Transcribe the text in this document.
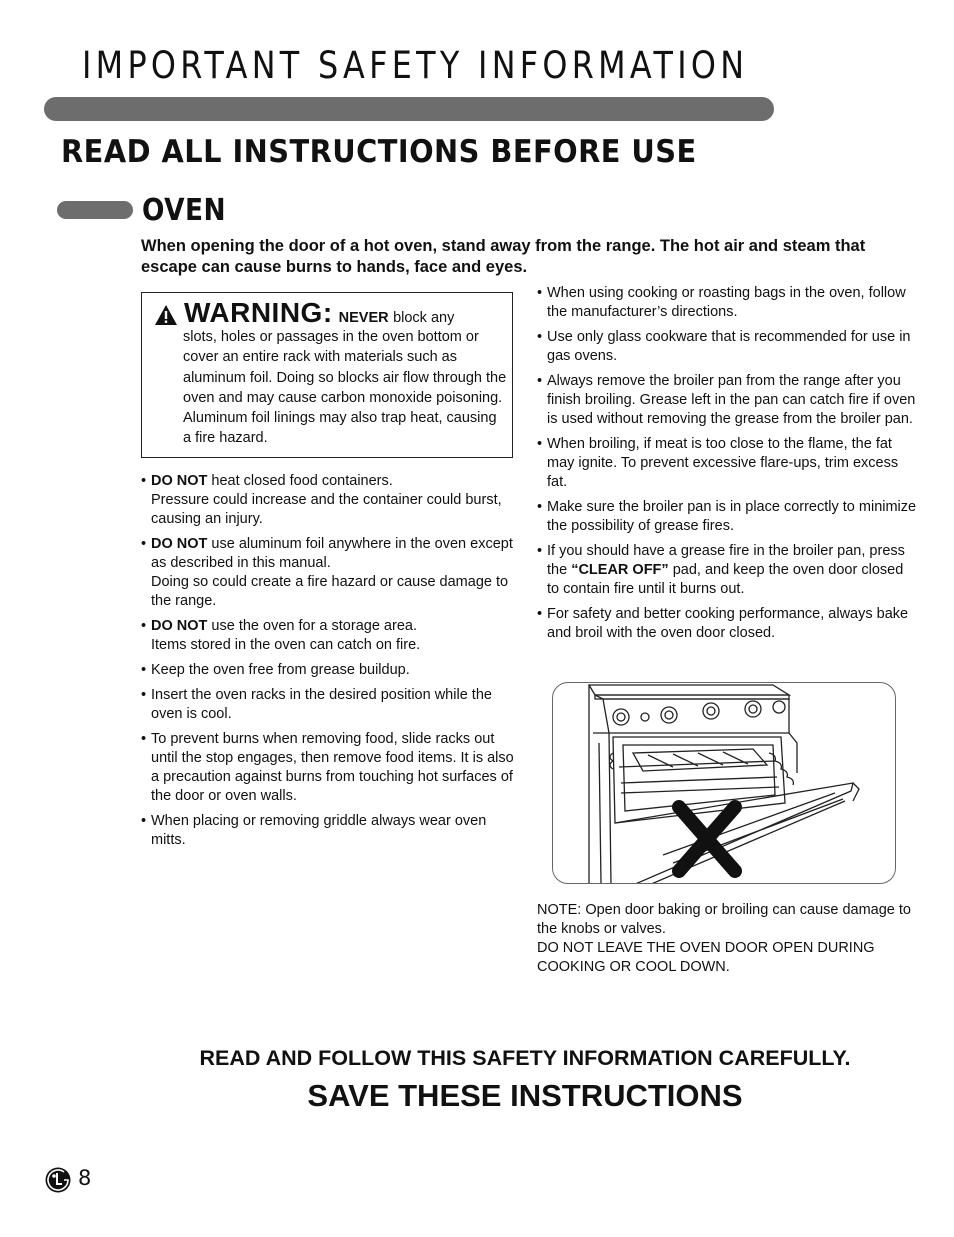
IMPORTANT SAFETY INFORMATION
READ ALL INSTRUCTIONS BEFORE USE
OVEN
When opening the door of a hot oven, stand away from the range. The hot air and steam that escape can cause burns to hands, face and eyes.
WARNING: NEVER block any
slots, holes or passages in the oven bottom or cover an entire rack with materials such as aluminum foil. Doing so blocks air flow through the oven and may cause carbon monoxide poisoning. Aluminum foil linings may also trap heat, causing a fire hazard.
• DO NOT heat closed food containers.
Pressure could increase and the container could burst, causing an injury.
• DO NOT use aluminum foil anywhere in the oven except as described in this manual.
Doing so could create a fire hazard or cause damage to the range.
• DO NOT use the oven for a storage area.
Items stored in the oven can catch on fire.
• Keep the oven free from grease buildup.
• Insert the oven racks in the desired position while the oven is cool.
• To prevent burns when removing food, slide racks out until the stop engages, then remove food items. It is also a precaution against burns from touching hot surfaces of the door or oven walls.
• When placing or removing griddle always wear oven mitts.
• When using cooking or roasting bags in the oven, follow the manufacturer’s directions.
• Use only glass cookware that is recommended for use in gas ovens.
• Always remove the broiler pan from the range after you finish broiling. Grease left in the pan can catch fire if oven is used without removing the grease from the broiler pan.
• When broiling, if meat is too close to the flame, the fat may ignite. To prevent excessive flare-ups, trim excess fat.
• Make sure the broiler pan is in place correctly to minimize the possibility of grease fires.
• If you should have a grease fire in the broiler pan, press the “CLEAR OFF” pad, and keep the oven door closed to contain fire until it burns out.
• For safety and better cooking performance, always bake and broil with the oven door closed.
NOTE: Open door baking or broiling can cause damage to the knobs or valves.
DO NOT LEAVE THE OVEN DOOR OPEN DURING COOKING OR COOL DOWN.
READ AND FOLLOW THIS SAFETY INFORMATION CAREFULLY.
SAVE THESE INSTRUCTIONS
8
